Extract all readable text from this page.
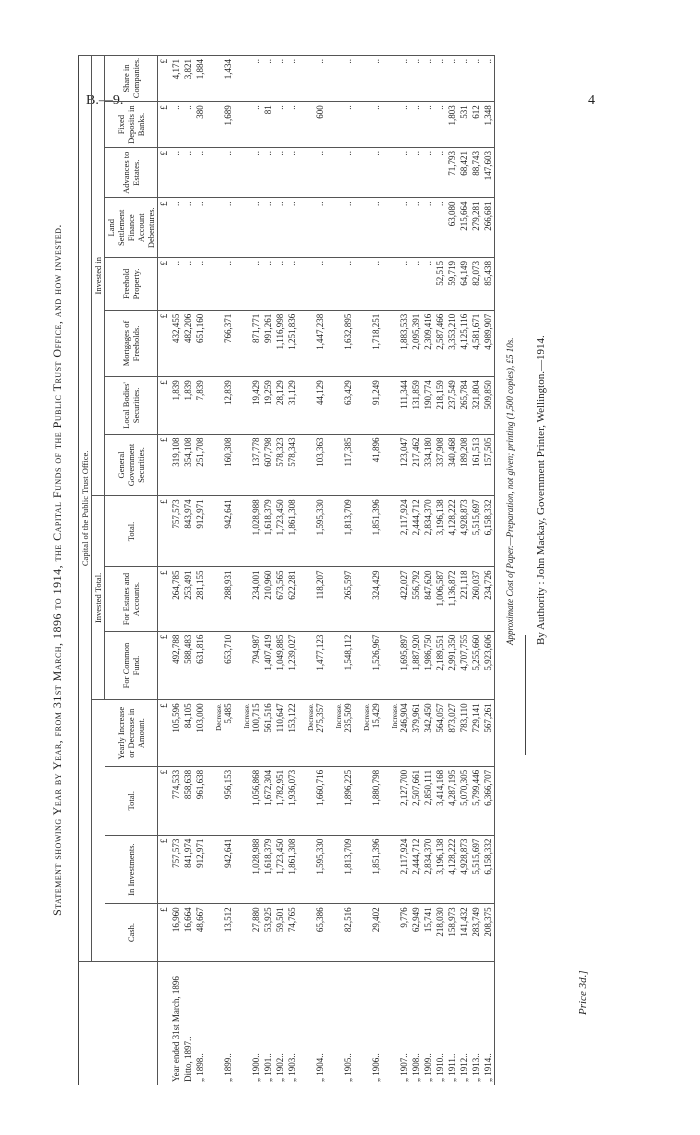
B.—9.	4
Statement showing Year by Year, from 31st March, 1896 to 1914, the Capital Funds of the Public Trust Office, and how invested.
	Capital of the Public Trust Office.														
					Invested Total.			Invested in							
	Cash.	In Investments.	Total.	Yearly Increase or Decrease in Amount.	For Common Fund.	For Estates and Accounts.	Total.	General Government Securities.	Local Bodies' Securities.	Mortgages of Freeholds.	Freehold Property.	Land Settlement Finance Account Debentures.	Advances to Estates.	Fixed Deposits in Banks.	Share in Companies.
	£	£	£	£	£	£	£	£	£	£	£	£	£	£	£
Year ended 31st March, 1896	16,960	757,573	774,533	105,596	492,788	264,785	757,573	319,108	1,839	432,455	..	..	..	..	4,171
Ditto, 1897..	16,664	841,974	858,638	84,105	588,483	253,491	843,974	354,108	1,839	482,206	..	..	..	..	3,821
„ 1898..	48,667	912,971	961,638	103,000	631,816	281,155	912,971	251,708	7,839	651,160	..	..	..	380	1,884

„ 1899..	13,512	942,641	956,153	Decrease. 5,485	653,710	288,931	942,641	160,308	12,839	766,371	..	..	..	1,689	1,434

„ 1900..	27,880	1,028,988	1,056,868	Increase. 100,715	794,987	234,001	1,028,988	137,778	19,429	871,771	..	..	..	..	..
„ 1901..	53,925	1,618,379	1,672,304	561,516	1,407,419	210,960	1,618,379	607,798	19,259	991,261	..	..	..	81	..
„ 1902..	59,501	1,723,450	1,782,951	110,647	1,049,885	673,565	1,723,450	578,323	28,129	1,116,998	..	..	..	..	..
„ 1903..	74,765	1,861,308	1,936,073	153,122	1,239,027	622,281	1,861,308	578,343	31,129	1,251,836	..	..	..	..	..

„ 1904..	65,386	1,595,330	1,660,716	Decrease. 275,357	1,477,123	118,207	1,595,330	103,363	44,129	1,447,238	..	..	..	600	..

„ 1905..	82,516	1,813,709	1,896,225	Increase. 235,509	1,548,112	265,597	1,813,709	117,385	63,429	1,632,895	..	..	..	..	..

„ 1906..	29,402	1,851,396	1,880,798	Decrease. 15,429	1,526,967	324,429	1,851,396	41,896	91,249	1,718,251	..	..	..	..	..

„ 1907..	9,776	2,117,924	2,127,700	Increase. 246,904	1,695,897	422,027	2,117,924	123,047	111,344	1,883,533	..	..	..	..	..
„ 1908..	62,949	2,444,712	2,507,661	379,961	1,887,920	556,792	2,444,712	217,462	131,859	2,095,391	..	..	..	..	..
„ 1909..	15,741	2,834,370	2,850,111	342,450	1,986,750	847,620	2,834,370	334,180	190,774	2,309,416	..	..	..	..	..
„ 1910..	218,030	3,196,138	3,414,168	564,057	2,189,551	1,006,587	3,196,138	337,908	218,159	2,587,466	52,515	..	..	..	..
„ 1911..	158,973	4,128,222	4,287,195	873,027	2,991,350	1,136,872	4,128,222	340,468	237,549	3,353,210	59,719	63,080	71,793	1,803	..
„ 1912..	141,432	4,928,873	5,070,305	783,110	4,707,755	221,118	4,928,873	189,208	265,784	4,125,116	64,149	215,664	68,421	531	..
„ 1913..	283,749	5,515,697	5,799,446	729,141	5,255,660	260,037	5,515,697	161,513	321,804	4,581,671	82,073	279,281	88,743	612	..
„ 1914..	208,375	6,158,332	6,366,707	567,261	5,923,606	234,726	6,158,332	157,505	509,850	4,989,907	85,438	266,681	147,603	1,348	..
Approximate Cost of Paper.—Preparation, not given; printing (1,500 copies), £5 10s. By Authority : John Mackay, Government Printer, Wellington.—1914.
Price 3d.]
